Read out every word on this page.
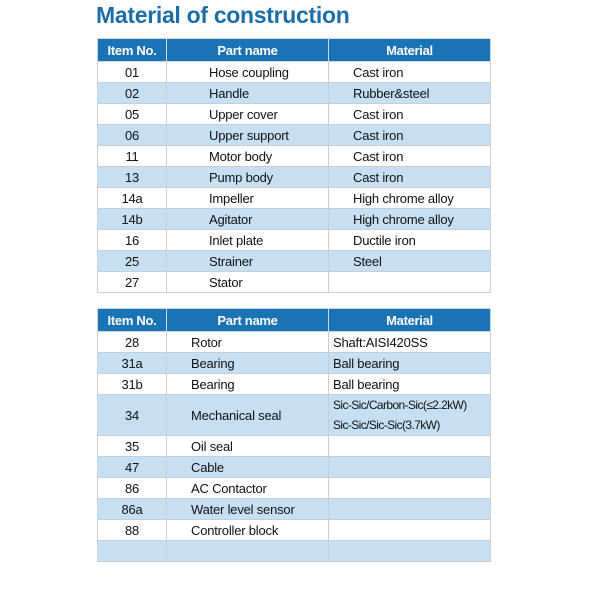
Material of construction
Item No.	Part name	Material
01	Hose coupling	Cast iron
02	Handle	Rubber&steel
05	Upper cover	Cast iron
06	Upper support	Cast iron
11	Motor body	Cast iron
13	Pump body	Cast iron
14a	Impeller	High chrome alloy
14b	Agitator	High chrome alloy
16	Inlet plate	Ductile iron
25	Strainer	Steel
27	Stator	
Item No.	Part name	Material
28	Rotor	Shaft:AISI420SS
31a	Bearing	Ball bearing
31b	Bearing	Ball bearing
34	Mechanical seal	Sic-Sic/Carbon-Sic(≤2.2kW)
Sic-Sic/Sic-Sic(3.7kW)

35	Oil seal	
47	Cable	
86	AC Contactor	
86a	Water level sensor	
88	Controller block	
